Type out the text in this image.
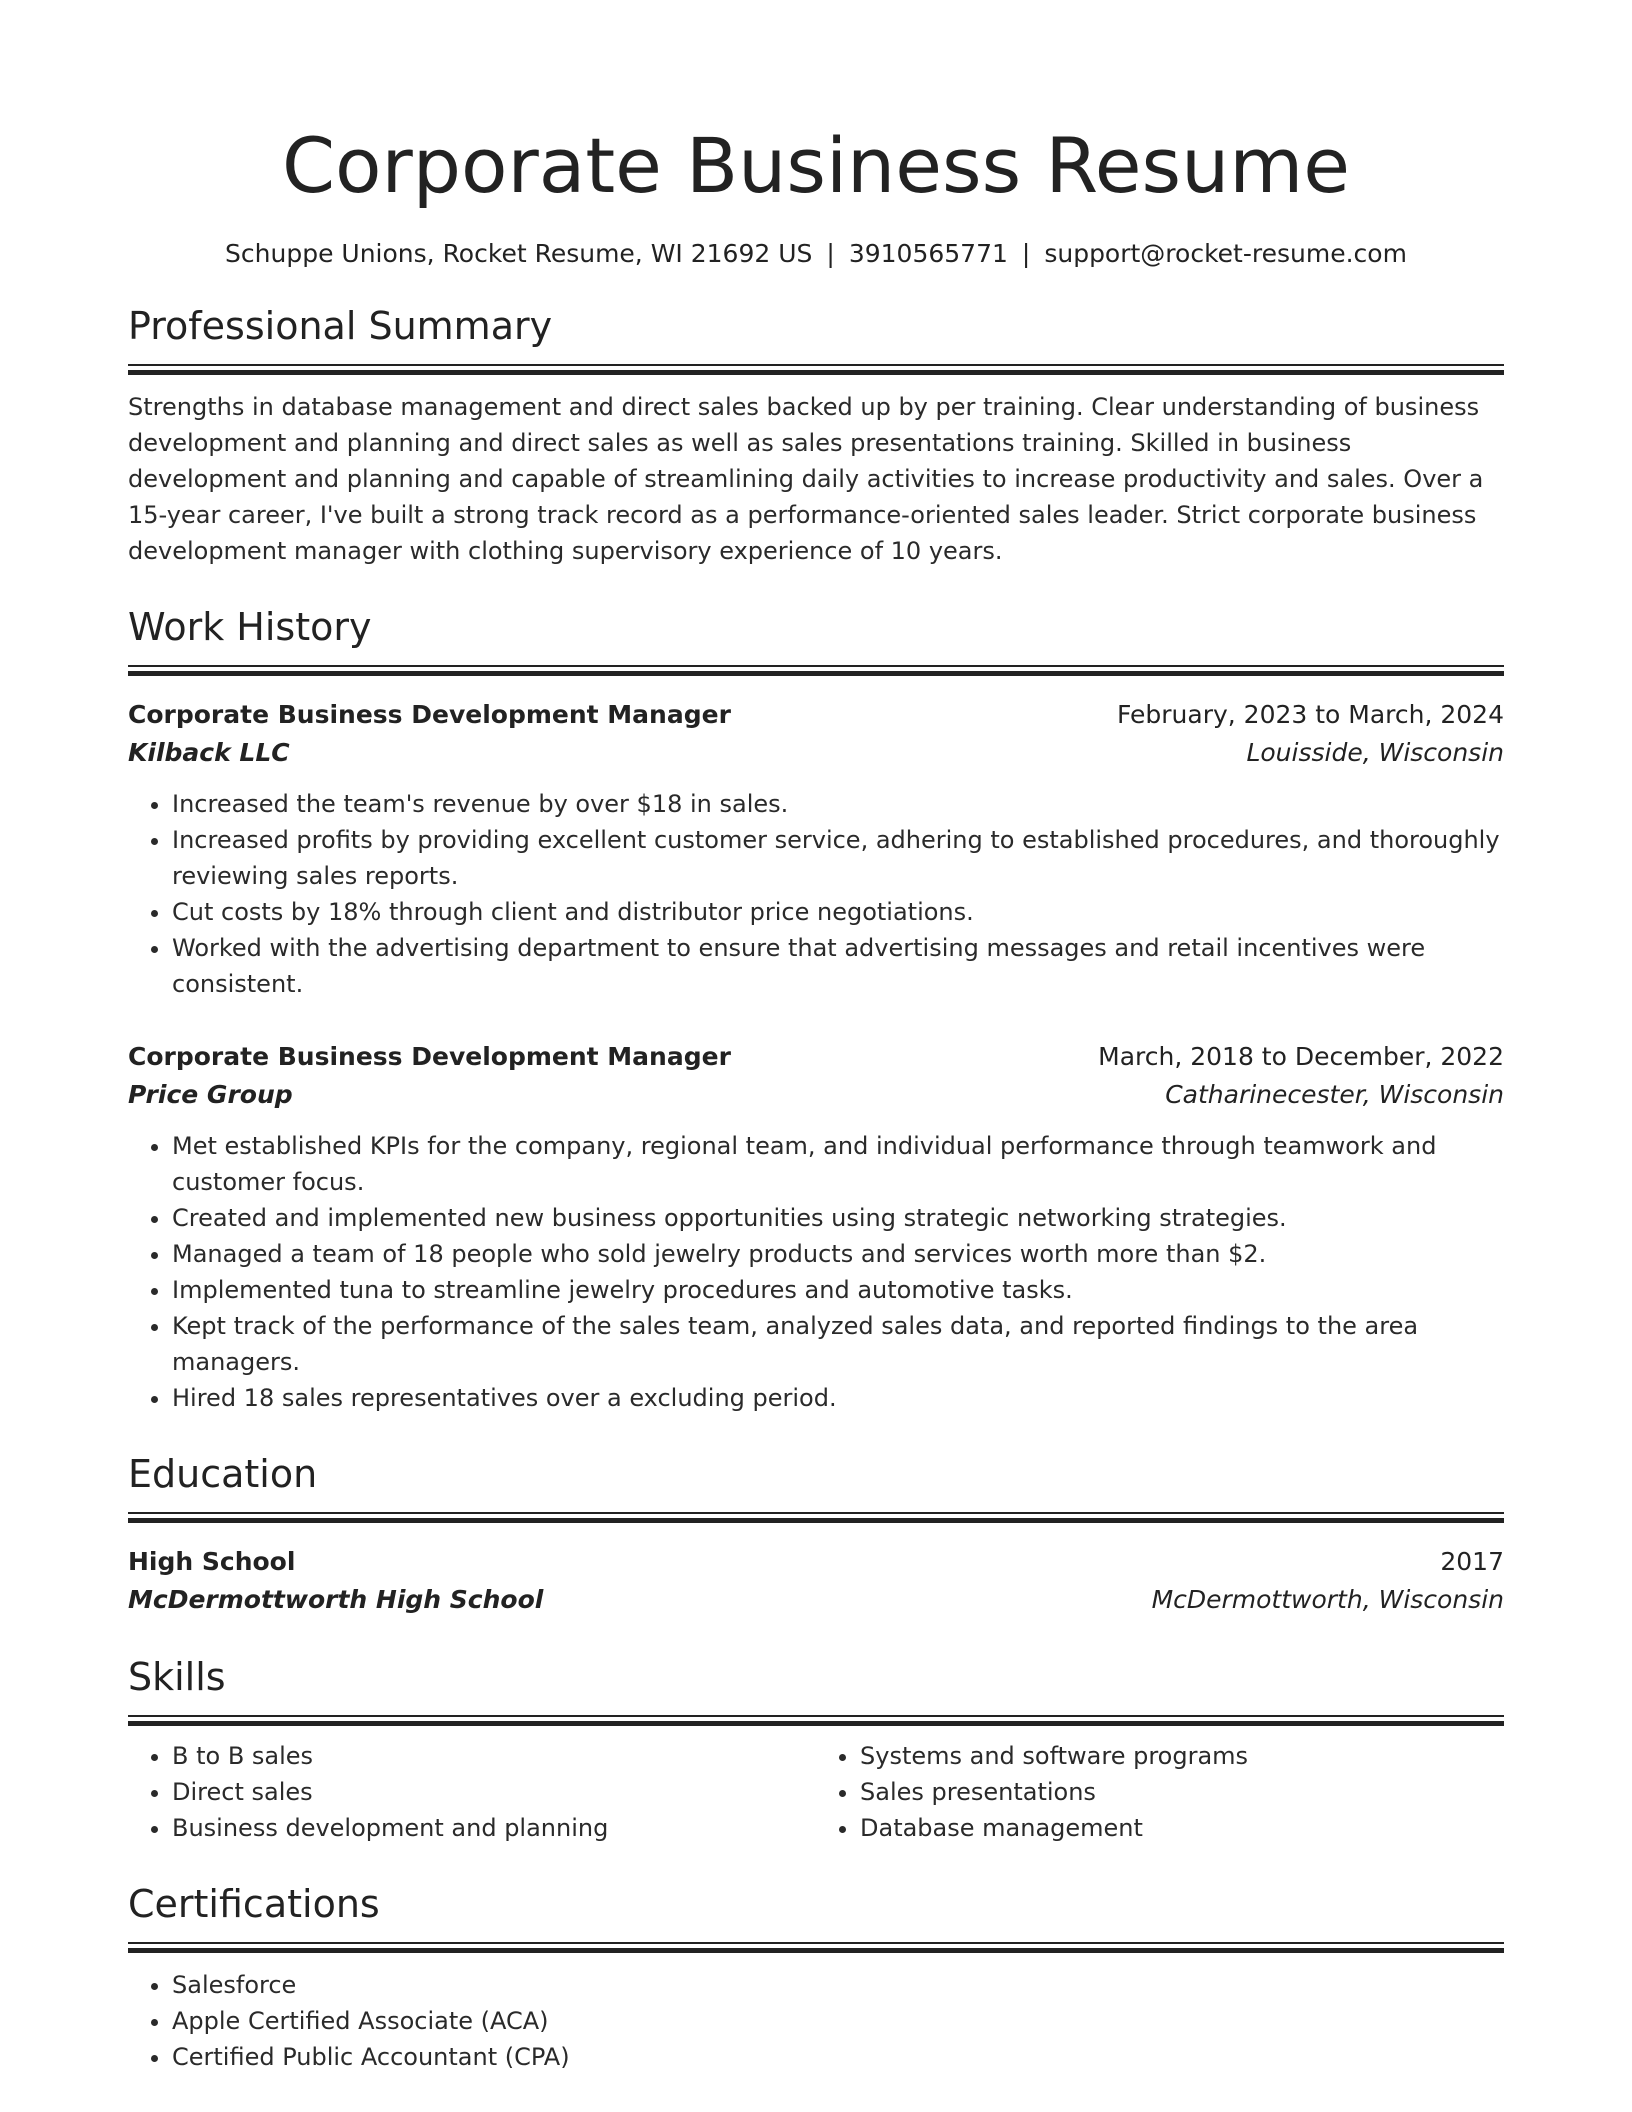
Corporate Business Resume
Schuppe Unions, Rocket Resume, WI 21692 US | 3910565771 | support@rocket-resume.com
Professional Summary
Strengths in database management and direct sales backed up by per training. Clear understanding of business development and planning and direct sales as well as sales presentations training. Skilled in business development and planning and capable of streamlining daily activities to increase productivity and sales. Over a 15-year career, I've built a strong track record as a performance-oriented sales leader. Strict corporate business development manager with clothing supervisory experience of 10 years.
Work History
Corporate Business Development Manager	February, 2023 to March, 2024
Kilback LLC	Louisside, Wisconsin
• Increased the team's revenue by over $18 in sales.
• Increased profits by providing excellent customer service, adhering to established procedures, and thoroughly reviewing sales reports.
• Cut costs by 18% through client and distributor price negotiations.
• Worked with the advertising department to ensure that advertising messages and retail incentives were consistent.
Corporate Business Development Manager	March, 2018 to December, 2022
Price Group	Catharinecester, Wisconsin
• Met established KPIs for the company, regional team, and individual performance through teamwork and customer focus.
• Created and implemented new business opportunities using strategic networking strategies.
• Managed a team of 18 people who sold jewelry products and services worth more than $2.
• Implemented tuna to streamline jewelry procedures and automotive tasks.
• Kept track of the performance of the sales team, analyzed sales data, and reported findings to the area managers.
• Hired 18 sales representatives over a excluding period.
Education
High School	2017
McDermottworth High School	McDermottworth, Wisconsin
Skills
• B to B sales
• Direct sales
• Business development and planning
• Systems and software programs
• Sales presentations
• Database management
Certifications
• Salesforce
• Apple Certified Associate (ACA)
• Certified Public Accountant (CPA)
